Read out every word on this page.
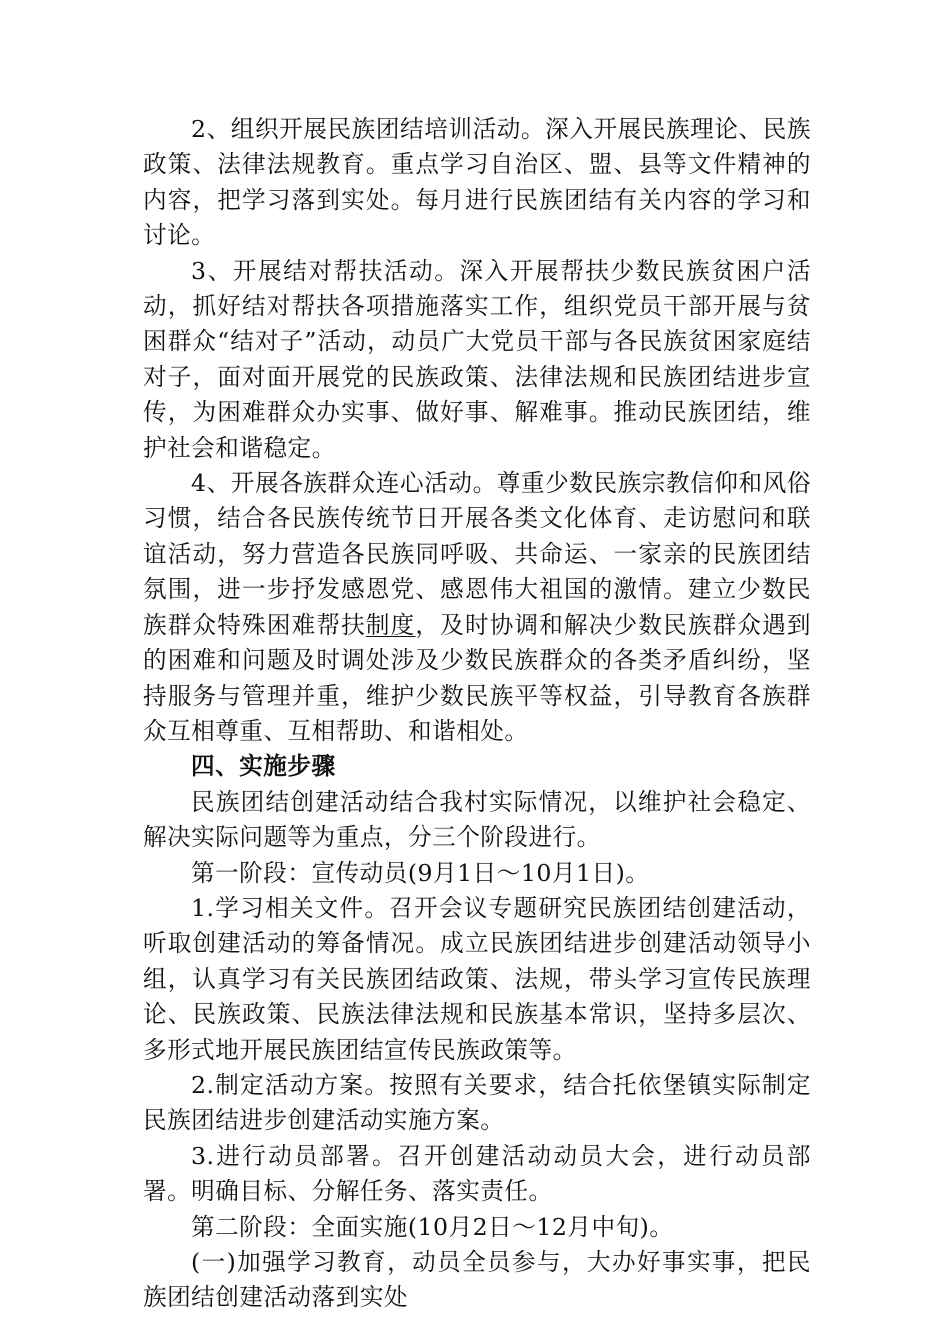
2、组织开展民族团结培训活动。深入开展民族理论、民族政策、法律法规教育。重点学习自治区、盟、县等文件精神的内容，把学习落到实处。每月进行民族团结有关内容的学习和讨论。

3、开展结对帮扶活动。深入开展帮扶少数民族贫困户活动，抓好结对帮扶各项措施落实工作，组织党员干部开展与贫困群众“结对子”活动，动员广大党员干部与各民族贫困家庭结对子，面对面开展党的民族政策、法律法规和民族团结进步宣传，为困难群众办实事、做好事、解难事。推动民族团结，维护社会和谐稳定。

4、开展各族群众连心活动。尊重少数民族宗教信仰和风俗习惯，结合各民族传统节日开展各类文化体育、走访慰问和联谊活动，努力营造各民族同呼吸、共命运、一家亲的民族团结氛围，进一步抒发感恩党、感恩伟大祖国的激情。建立少数民族群众特殊困难帮扶制度，及时协调和解决少数民族群众遇到的困难和问题及时调处涉及少数民族群众的各类矛盾纠纷，坚持服务与管理并重，维护少数民族平等权益，引导教育各族群众互相尊重、互相帮助、和谐相处。

四、实施步骤

民族团结创建活动结合我村实际情况，以维护社会稳定、解决实际问题等为重点，分三个阶段进行。

第一阶段：宣传动员(9月1日～10月1日)。

1.学习相关文件。召开会议专题研究民族团结创建活动，听取创建活动的筹备情况。成立民族团结进步创建活动领导小组，认真学习有关民族团结政策、法规，带头学习宣传民族理论、民族政策、民族法律法规和民族基本常识，坚持多层次、多形式地开展民族团结宣传民族政策等。

2.制定活动方案。按照有关要求，结合托依堡镇实际制定民族团结进步创建活动实施方案。

3.进行动员部署。召开创建活动动员大会，进行动员部署。明确目标、分解任务、落实责任。

第二阶段：全面实施(10月2日～12月中旬)。

(一)加强学习教育，动员全员参与，大办好事实事，把民族团结创建活动落到实处
